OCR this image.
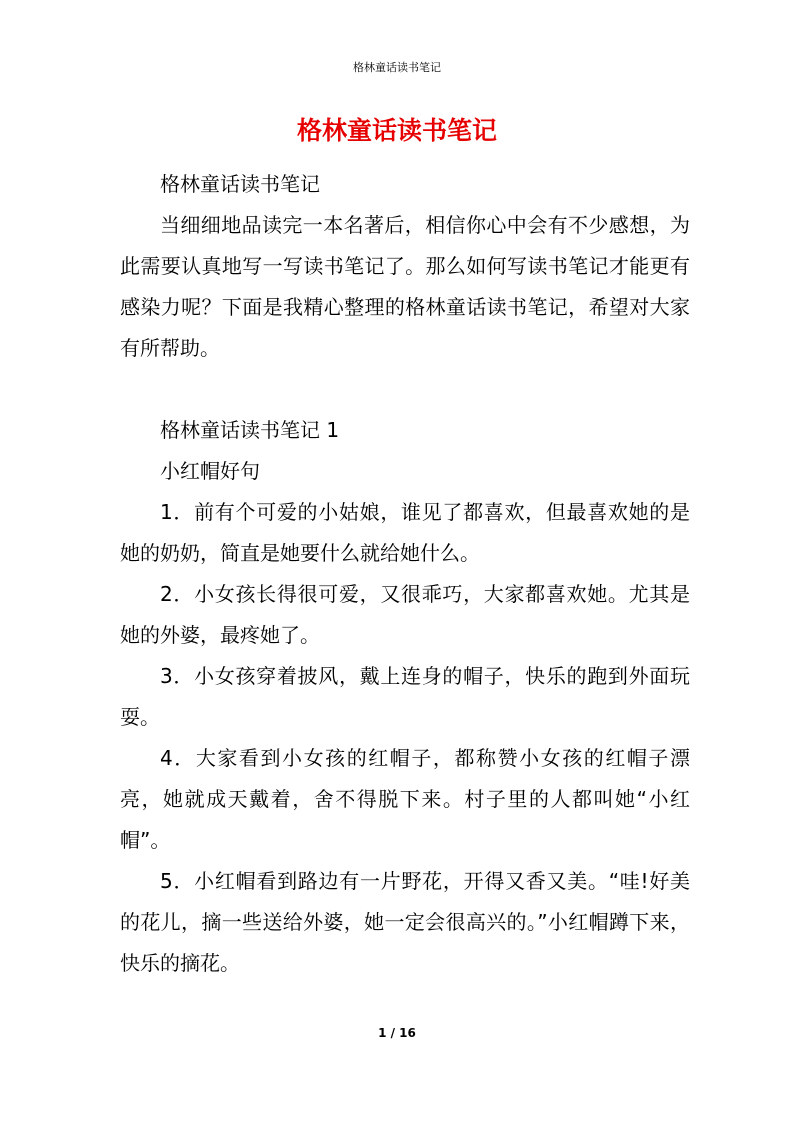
格林童话读书笔记
格林童话读书笔记

格林童话读书笔记

当细细地品读完一本名著后，相信你心中会有不少感想，为此需要认真地写一写读书笔记了。那么如何写读书笔记才能更有感染力呢？下面是我精心整理的格林童话读书笔记，希望对大家有所帮助。

格林童话读书笔记 1

小红帽好句

1．前有个可爱的小姑娘，谁见了都喜欢，但最喜欢她的是她的奶奶，简直是她要什么就给她什么。

2．小女孩长得很可爱，又很乖巧，大家都喜欢她。尤其是她的外婆，最疼她了。

3．小女孩穿着披风，戴上连身的帽子，快乐的跑到外面玩耍。

4．大家看到小女孩的红帽子，都称赞小女孩的红帽子漂亮，她就成天戴着，舍不得脱下来。村子里的人都叫她“小红帽”。

5．小红帽看到路边有一片野花，开得又香又美。“哇!好美的花儿，摘一些送给外婆，她一定会很高兴的。”小红帽蹲下来，快乐的摘花。

1 / 16
